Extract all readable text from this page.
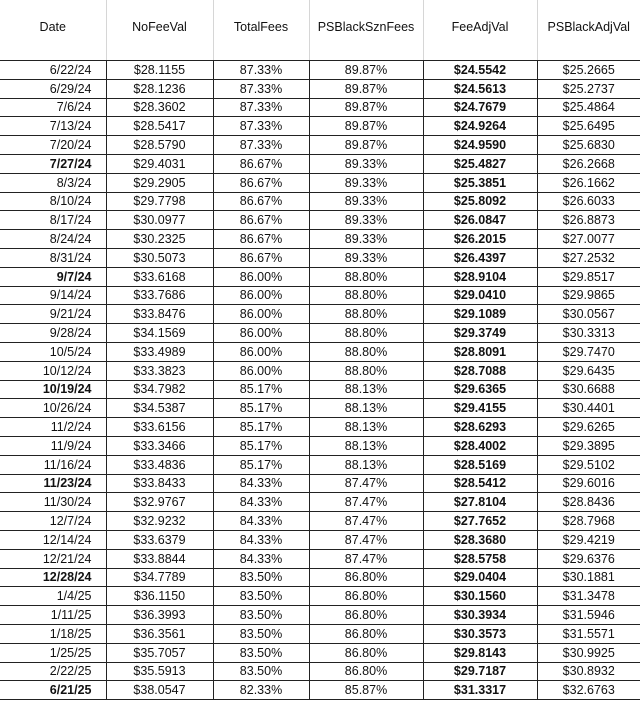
Date	NoFeeVal	TotalFees	PSBlackSznFees	FeeAdjVal	PSBlackAdjVal

6/22/24	$28.1155	87.33%	89.87%	$24.5542	$25.2665
6/29/24	$28.1236	87.33%	89.87%	$24.5613	$25.2737
7/6/24	$28.3602	87.33%	89.87%	$24.7679	$25.4864
7/13/24	$28.5417	87.33%	89.87%	$24.9264	$25.6495
7/20/24	$28.5790	87.33%	89.87%	$24.9590	$25.6830
7/27/24	$29.4031	86.67%	89.33%	$25.4827	$26.2668
8/3/24	$29.2905	86.67%	89.33%	$25.3851	$26.1662
8/10/24	$29.7798	86.67%	89.33%	$25.8092	$26.6033
8/17/24	$30.0977	86.67%	89.33%	$26.0847	$26.8873
8/24/24	$30.2325	86.67%	89.33%	$26.2015	$27.0077
8/31/24	$30.5073	86.67%	89.33%	$26.4397	$27.2532
9/7/24	$33.6168	86.00%	88.80%	$28.9104	$29.8517
9/14/24	$33.7686	86.00%	88.80%	$29.0410	$29.9865
9/21/24	$33.8476	86.00%	88.80%	$29.1089	$30.0567
9/28/24	$34.1569	86.00%	88.80%	$29.3749	$30.3313
10/5/24	$33.4989	86.00%	88.80%	$28.8091	$29.7470
10/12/24	$33.3823	86.00%	88.80%	$28.7088	$29.6435
10/19/24	$34.7982	85.17%	88.13%	$29.6365	$30.6688
10/26/24	$34.5387	85.17%	88.13%	$29.4155	$30.4401
11/2/24	$33.6156	85.17%	88.13%	$28.6293	$29.6265
11/9/24	$33.3466	85.17%	88.13%	$28.4002	$29.3895
11/16/24	$33.4836	85.17%	88.13%	$28.5169	$29.5102
11/23/24	$33.8433	84.33%	87.47%	$28.5412	$29.6016
11/30/24	$32.9767	84.33%	87.47%	$27.8104	$28.8436
12/7/24	$32.9232	84.33%	87.47%	$27.7652	$28.7968
12/14/24	$33.6379	84.33%	87.47%	$28.3680	$29.4219
12/21/24	$33.8844	84.33%	87.47%	$28.5758	$29.6376
12/28/24	$34.7789	83.50%	86.80%	$29.0404	$30.1881
1/4/25	$36.1150	83.50%	86.80%	$30.1560	$31.3478
1/11/25	$36.3993	83.50%	86.80%	$30.3934	$31.5946
1/18/25	$36.3561	83.50%	86.80%	$30.3573	$31.5571
1/25/25	$35.7057	83.50%	86.80%	$29.8143	$30.9925
2/22/25	$35.5913	83.50%	86.80%	$29.7187	$30.8932
6/21/25	$38.0547	82.33%	85.87%	$31.3317	$32.6763
